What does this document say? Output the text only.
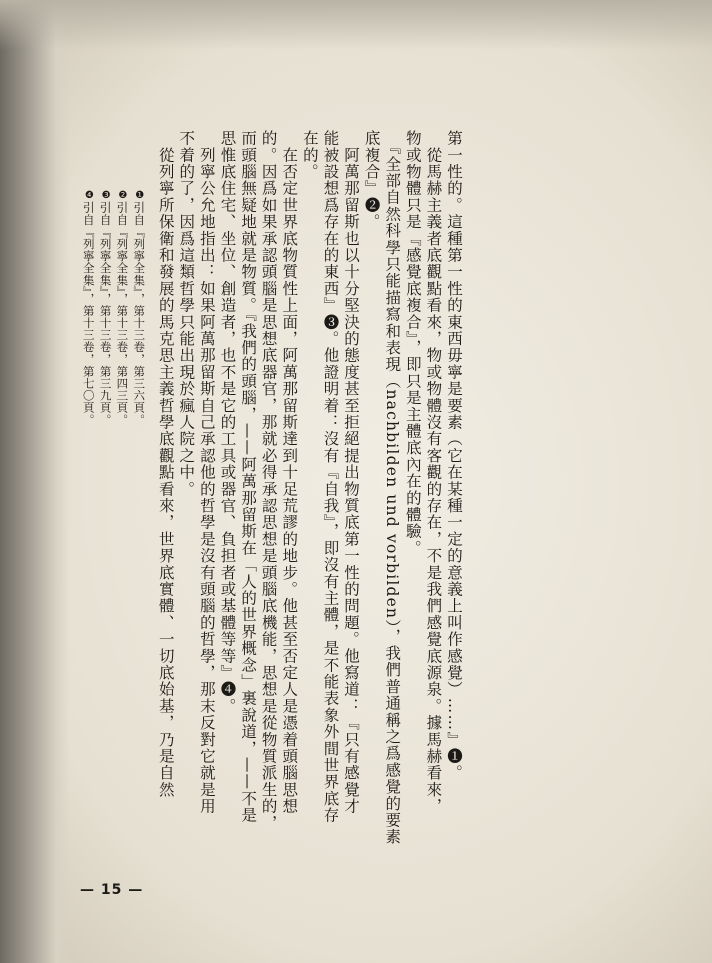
第一性的。這種第一性的東西毋寧是要素（它在某種一定的意義上叫作感覺）……』❶。
　從馬赫主義者底觀點看來，物或物體沒有客觀的存在，不是我們感覺底源泉。據馬赫看來，
物或物體只是『感覺底複合』，即只是主體底內在的體驗。
　『全部自然科學只能描寫和表現（nachbilden und vorbilden），我們普通稱之爲感覺的要素
底複合』❷。
　阿萬那留斯也以十分堅決的態度甚至拒絕提出物質底第一性的問題。他寫道：『只有感覺才
能被設想爲存在的東西』❸。他證明着：沒有『自我』，即沒有主體，是不能表象外間世界底存
在的。
　在否定世界底物質性上面，阿萬那留斯達到十足荒謬的地步。他甚至否定人是憑着頭腦思想
的。因爲如果承認頭腦是思想底器官，那就必得承認思想是頭腦底機能，思想是從物質派生的，
而頭腦無疑地就是物質。『我們的頭腦，——阿萬那留斯在「人的世界概念」裏說道，——不是
思惟底住宅、坐位、創造者，也不是它的工具或器官、負担者或基體等等』❹。
　列寧公允地指出：如果阿萬那留斯自己承認他的哲學是沒有頭腦的哲學，那末反對它就是用
不着的了，因爲這類哲學只能出現於瘋人院之中。
　從列寧所保衛和發展的馬克思主義哲學底觀點看來，世界底實體、一切底始基，乃是自然
❶引自『列寧全集』，第十三卷，第三六頁。
❷引自『列寧全集』，第十三卷，第四三頁。
❸引自『列寧全集』，第十三卷，第三九頁。
❹引自『列寧全集』，第十三卷，第七〇頁。
— 15 —
